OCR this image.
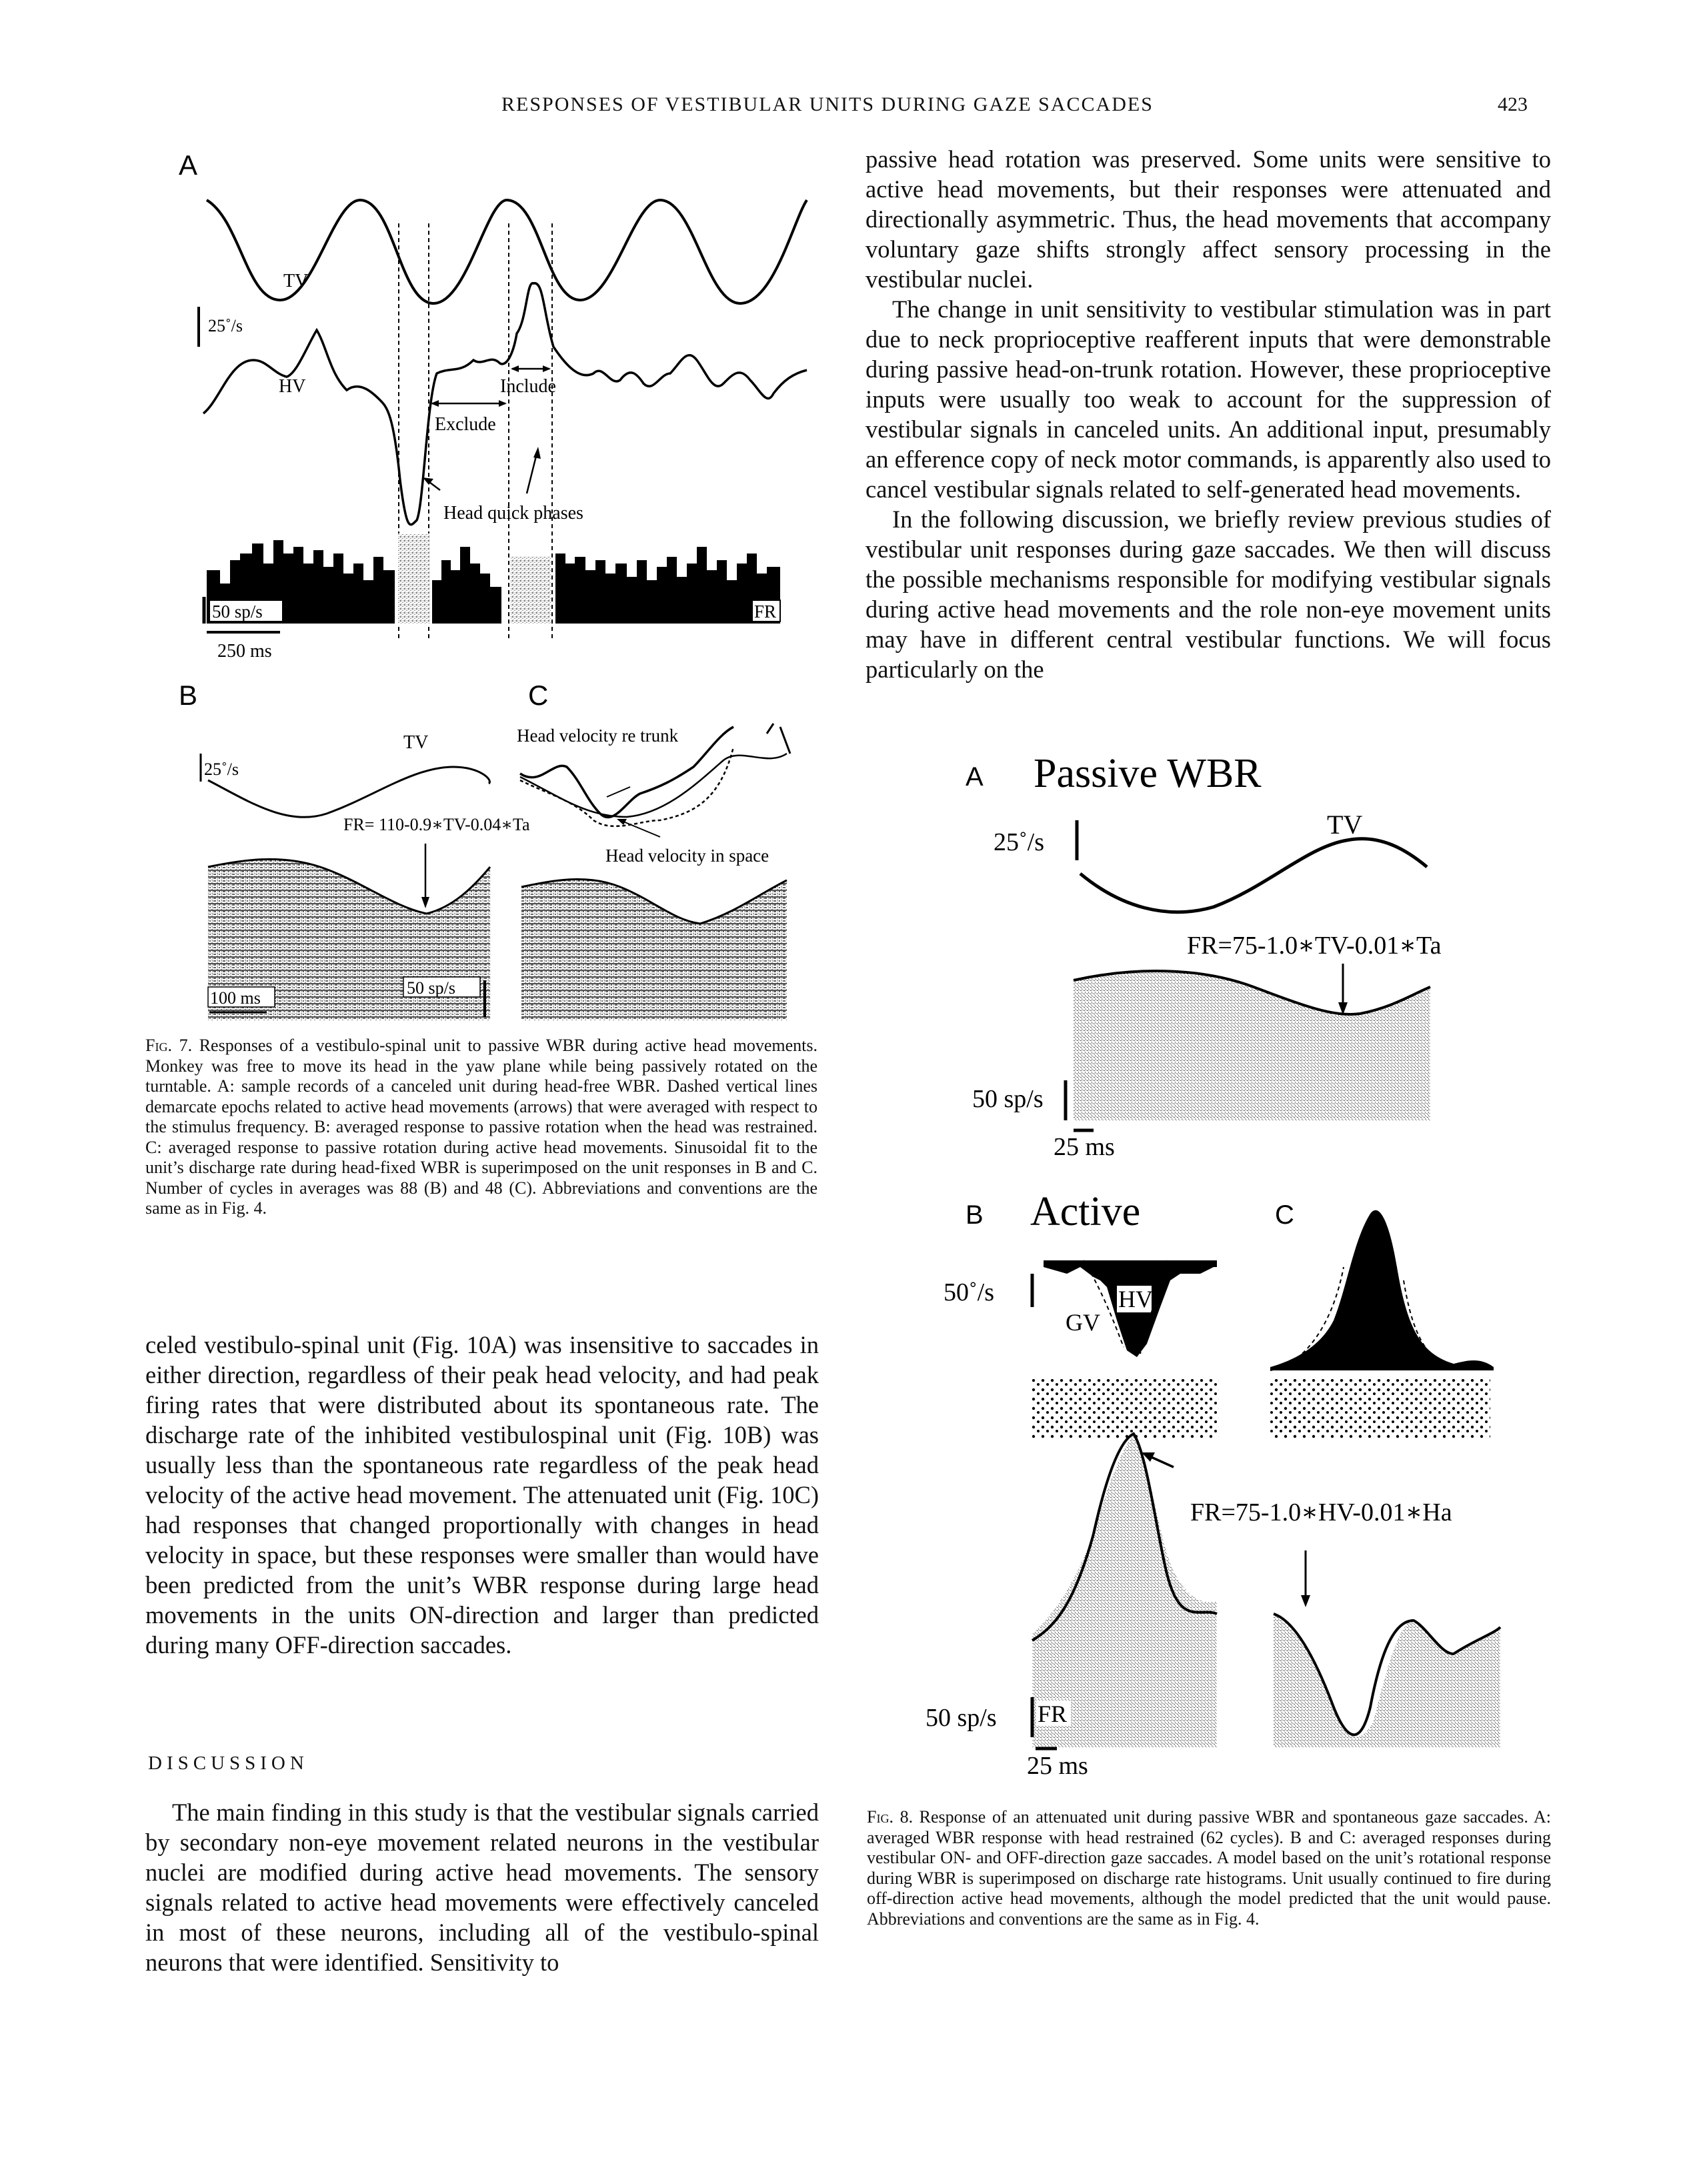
RESPONSES OF VESTIBULAR UNITS DURING GAZE SACCADES	423
A
TV
25˚/s
HV	Include
Exclude
Head quick phases
50 sp/s	FR
250 ms
B
25˚/s
TV
FR= 110-0.9∗TV-0.04∗Ta
100 ms
50 sp/s
C
Head velocity re trunk
Head velocity in space
Fig. 7. Responses of a vestibulo-spinal unit to passive WBR during active head movements. Monkey was free to move its head in the yaw plane while being passively rotated on the turntable. A: sample records of a canceled unit during head-free WBR. Dashed vertical lines demarcate epochs related to active head movements (arrows) that were averaged with respect to the stimulus frequency. B: averaged response to passive rotation when the head was restrained. C: averaged response to passive rotation during active head movements. Sinusoidal fit to the unit’s discharge rate during head-fixed WBR is superimposed on the unit responses in B and C. Number of cycles in averages was 88 (B) and 48 (C). Abbreviations and conventions are the same as in Fig. 4.

celed vestibulo-spinal unit (Fig. 10A) was insensitive to saccades in either direction, regardless of their peak head velocity, and had peak firing rates that were distributed about its spontaneous rate. The discharge rate of the inhibited vestibulospinal unit (Fig. 10B) was usually less than the spontaneous rate regardless of the peak head velocity of the active head movement. The attenuated unit (Fig. 10C) had responses that changed proportionally with changes in head velocity in space, but these responses were smaller than would have been predicted from the unit’s WBR response during large head movements in the units ON-direction and larger than predicted during many OFF-direction saccades.

DISCUSSION

The main finding in this study is that the vestibular signals carried by secondary non-eye movement related neurons in the vestibular nuclei are modified during active head movements. The sensory signals related to active head movements were effectively canceled in most of these neurons, including all of the vestibulo-spinal neurons that were identified. Sensitivity to

passive head rotation was preserved. Some units were sensitive to active head movements, but their responses were attenuated and directionally asymmetric. Thus, the head movements that accompany voluntary gaze shifts strongly affect sensory processing in the vestibular nuclei.

The change in unit sensitivity to vestibular stimulation was in part due to neck proprioceptive reafferent inputs that were demonstrable during passive head-on-trunk rotation. However, these proprioceptive inputs were usually too weak to account for the suppression of vestibular signals in canceled units. An additional input, presumably an efference copy of neck motor commands, is apparently also used to cancel vestibular signals related to self-generated head movements.

In the following discussion, we briefly review previous studies of vestibular unit responses during gaze saccades. We then will discuss the possible mechanisms responsible for modifying vestibular signals during active head movements and the role non-eye movement units may have in different central vestibular functions. We will focus particularly on the

A Passive WBR
25˚/s
TV
FR=75-1.0∗TV-0.01∗Ta
50 sp/s
25 ms
B Active	C
50˚/s	HV
GV
FR=75-1.0∗HV-0.01∗Ha
50 sp/s FR
25 ms
Fig. 8. Response of an attenuated unit during passive WBR and spontaneous gaze saccades. A: averaged WBR response with head restrained (62 cycles). B and C: averaged responses during vestibular ON- and OFF-direction gaze saccades. A model based on the unit’s rotational response during WBR is superimposed on discharge rate histograms. Unit usually continued to fire during off-direction active head movements, although the model predicted that the unit would pause. Abbreviations and conventions are the same as in Fig. 4.
